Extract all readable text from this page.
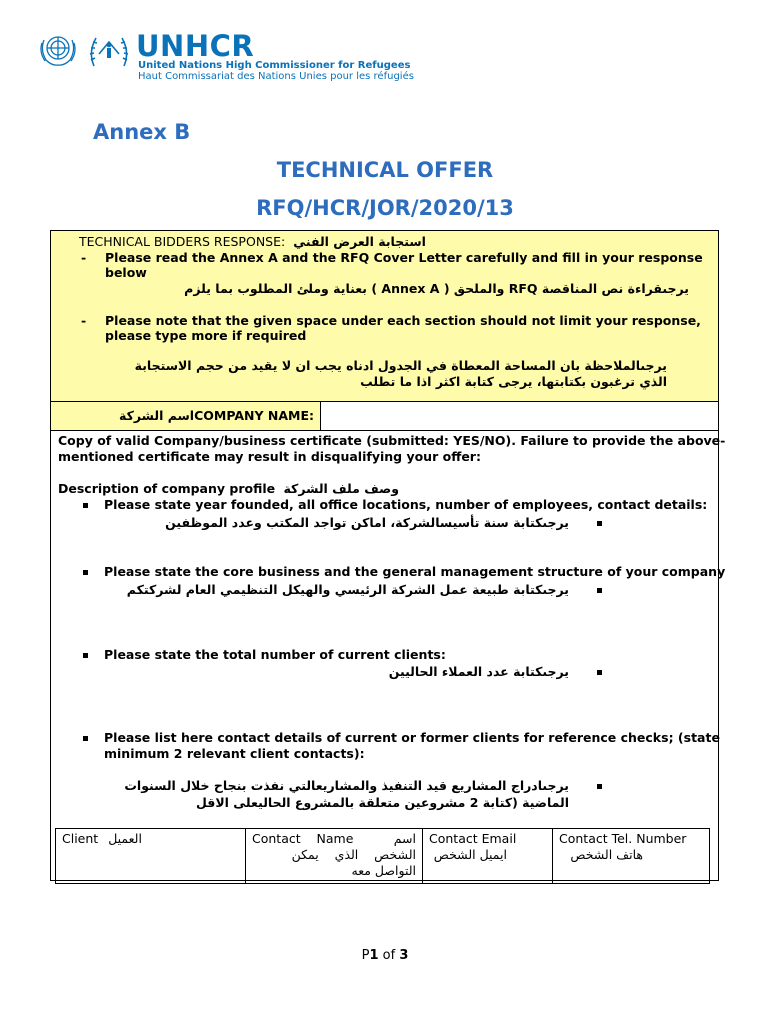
UNHCR
United Nations High Commissioner for Refugees
Haut Commissariat des Nations Unies pour les réfugiés
Annex B
TECHNICAL OFFER
RFQ/HCR/JOR/2020/13
TECHNICAL BIDDERS RESPONSE: استجابة العرض الفني
- Please read the Annex A and the RFQ Cover Letter carefully and fill in your response
below
يرجىقراءة نص المناقصة RFQ والملحق ( Annex A ) بعناية وملئ المطلوب بما يلزم
- Please note that the given space under each section should not limit your response,
please type more if required
يرجىالملاحظة بان المساحة المعطاة في الجدول ادناه يجب ان لا يقيد من حجم الاستجابة
الذي ترغبون بكتابتها، يرجى كتابة اكثر اذا ما تطلب
اسم الشركةCOMPANY NAME:
Copy of valid Company/business certificate (submitted: YES/NO). Failure to provide the above-
mentioned certificate may result in disqualifying your offer:
Description of company profile وصف ملف الشركة
Please state year founded, all office locations, number of employees, contact details:
يرجىكتابة سنة تأسيسالشركة، اماكن تواجد المكتب وعدد الموظفين
Please state the core business and the general management structure of your company
يرجىكتابة طبيعة عمل الشركة الرئيسي والهيكل التنظيمي العام لشركتكم
Please state the total number of current clients:
يرجىكتابة عدد العملاء الحاليين
Please list here contact details of current or former clients for reference checks; (state
minimum 2 relevant client contacts):
يرجىادراج المشاريع قيد التنفيذ والمشاريعالتي نفذت بنجاح خلال السنوات
الماضية (كتابة 2 مشروعين متعلقة بالمشروع الحاليعلى الاقل
Client العميل	Contact    Name	اسم
الشخص    الذي    يمكن
التواصل معه
Contact Email
ايميل الشخص
Contact Tel. Number
هاتف الشخص
P1 of 3
